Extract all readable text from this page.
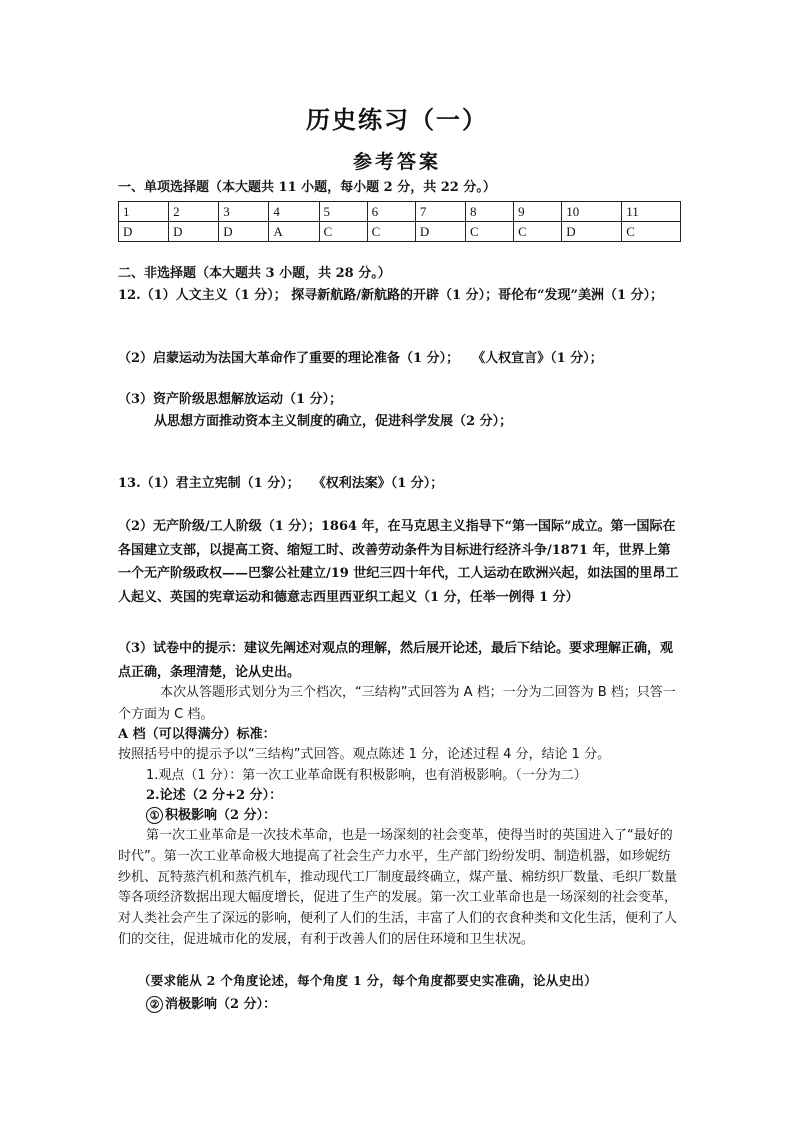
历史练习（一）
参考答案
一、单项选择题（本大题共 11 小题，每小题 2 分，共 22 分。）
1	2	3	4	5	6	7	8	9	10	11
D	D	D	A	C	C	D	C	C	D	C
二、非选择题（本大题共 3 小题，共 28 分。）

12.（1）人文主义（1 分）； 探寻新航路/新航路的开辟（1 分）；哥伦布“发现”美洲（1 分）；

（2）启蒙运动为法国大革命作了重要的理论准备（1 分）；　　《人权宣言》（1 分）；

（3）资产阶级思想解放运动（1 分）；

从思想方面推动资本主义制度的确立，促进科学发展（2 分）；

13.（1）君主立宪制（1 分）；　　《权利法案》（1 分）；

（2）无产阶级/工人阶级（1 分）；1864 年，在马克思主义指导下“第一国际”成立。第一国际在各国建立支部，以提高工资、缩短工时、改善劳动条件为目标进行经济斗争/1871 年，世界上第一个无产阶级政权——巴黎公社建立/19 世纪三四十年代，工人运动在欧洲兴起，如法国的里昂工人起义、英国的宪章运动和德意志西里西亚织工起义（1 分，任举一例得 1 分）

（3）试卷中的提示：建议先阐述对观点的理解，然后展开论述，最后下结论。要求理解正确，观点正确，条理清楚，论从史出。

本次从答题形式划分为三个档次，“三结构”式回答为 A 档；一分为二回答为 B 档；只答一个方面为 C 档。

A 档（可以得满分）标准：

按照括号中的提示予以“三结构”式回答。观点陈述 1 分，论述过程 4 分，结论 1 分。

1.观点（1 分）：第一次工业革命既有积极影响，也有消极影响。（一分为二）

2.论述（2 分+2 分）：

① 积极影响（2 分）：

第一次工业革命是一次技术革命，也是一场深刻的社会变革，使得当时的英国进入了“最好的时代”。第一次工业革命极大地提高了社会生产力水平，生产部门纷纷发明、制造机器，如珍妮纺纱机、瓦特蒸汽机和蒸汽机车，推动现代工厂制度最终确立，煤产量、棉纺织厂数量、毛织厂数量等各项经济数据出现大幅度增长，促进了生产的发展。第一次工业革命也是一场深刻的社会变革，对人类社会产生了深远的影响，便利了人们的生活，丰富了人们的衣食种类和文化生活，便利了人们的交往，促进城市化的发展，有利于改善人们的居住环境和卫生状况。

（要求能从 2 个角度论述，每个角度 1 分，每个角度都要史实准确，论从史出）

② 消极影响（2 分）：
